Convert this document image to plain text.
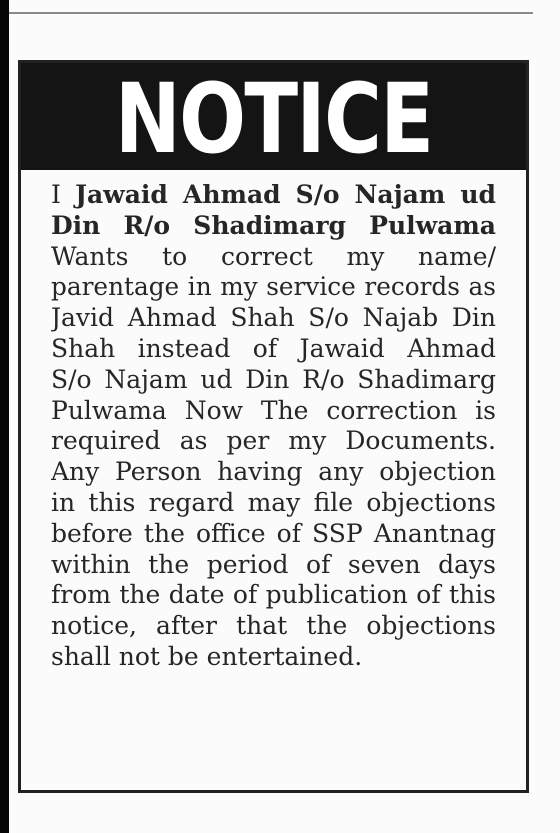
NOTICE
I Jawaid Ahmad S/o Najam ud
Din R/o Shadimarg Pulwama
Wants to correct my name/
parentage in my service records as
Javid Ahmad Shah S/o Najab Din
Shah instead of Jawaid Ahmad
S/o Najam ud Din R/o Shadimarg
Pulwama Now The correction is
required as per my Documents.
Any Person having any objection
in this regard may file objections
before the office of SSP Anantnag
within the period of seven days
from the date of publication of this
notice, after that the objections
shall not be entertained.
